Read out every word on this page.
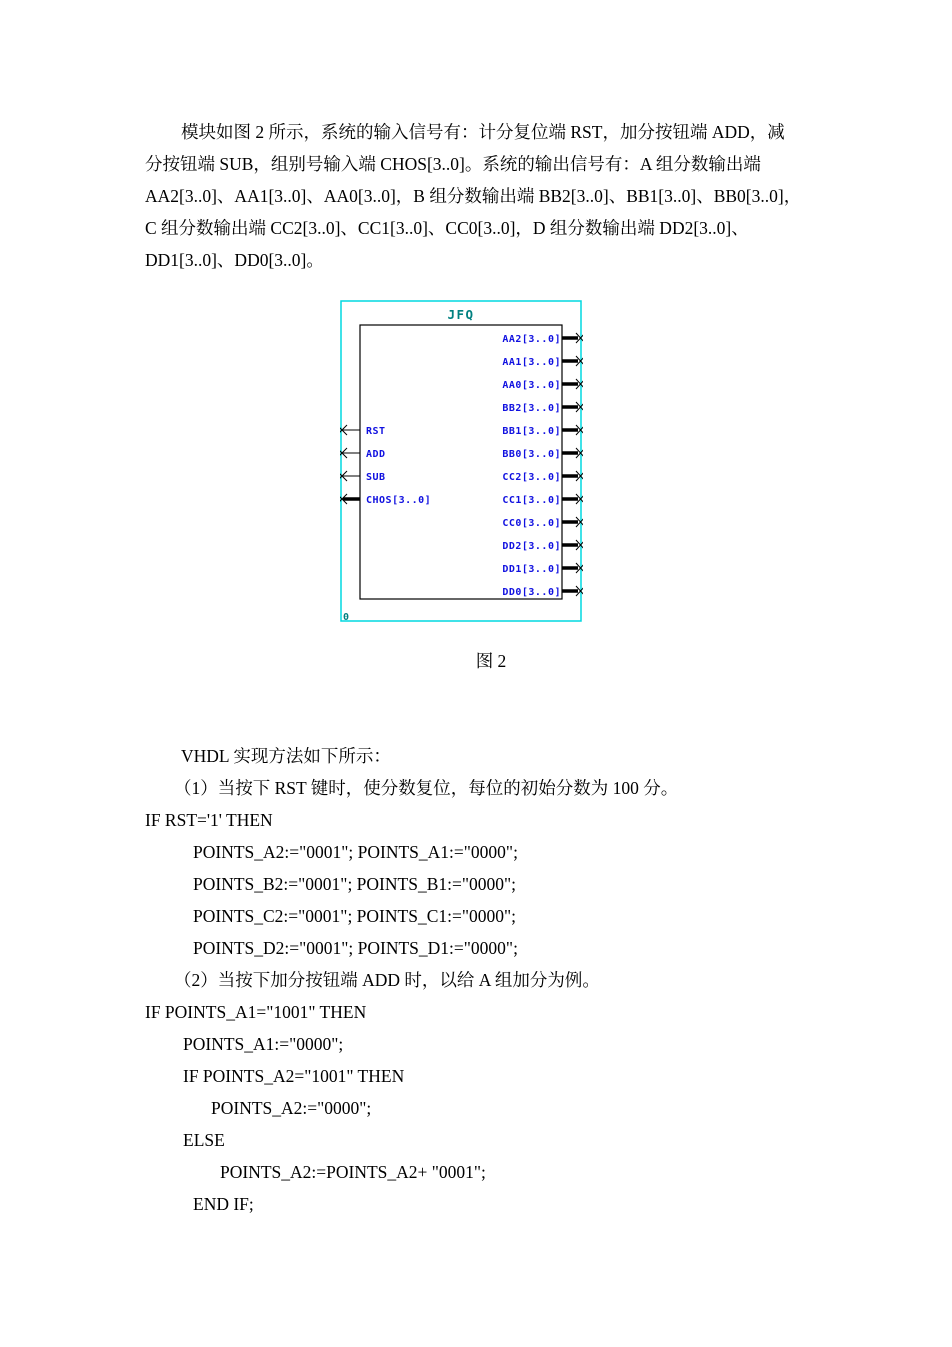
模块如图 2 所示，系统的输入信号有：计分复位端 RST，加分按钮端 ADD，减
分按钮端 SUB，组别号输入端 CHOS[3..0]。系统的输出信号有：A 组分数输出端
AA2[3..0]、AA1[3..0]、AA0[3..0]，B 组分数输出端 BB2[3..0]、BB1[3..0]、BB0[3..0]，
C 组分数输出端 CC2[3..0]、CC1[3..0]、CC0[3..0]，D 组分数输出端 DD2[3..0]、
DD1[3..0]、DD0[3..0]。
JFQ
RST
ADD
SUB
CHOS[3..0]
AA2[3..0]
AA1[3..0]
AA0[3..0]
BB2[3..0]
BB1[3..0]
BB0[3..0]
CC2[3..0]
CC1[3..0]
CC0[3..0]
DD2[3..0]
DD1[3..0]
DD0[3..0]
0
图 2
VHDL 实现方法如下所示：
（1）当按下 RST 键时，使分数复位，每位的初始分数为 100 分。
IF RST='1' THEN
POINTS_A2:="0001"; POINTS_A1:="0000";
POINTS_B2:="0001"; POINTS_B1:="0000";
POINTS_C2:="0001"; POINTS_C1:="0000";
POINTS_D2:="0001"; POINTS_D1:="0000";
（2）当按下加分按钮端 ADD 时，以给 A 组加分为例。
IF POINTS_A1="1001" THEN
POINTS_A1:="0000";
IF POINTS_A2="1001" THEN
POINTS_A2:="0000";
ELSE
POINTS_A2:=POINTS_A2+ "0001";
END IF;
